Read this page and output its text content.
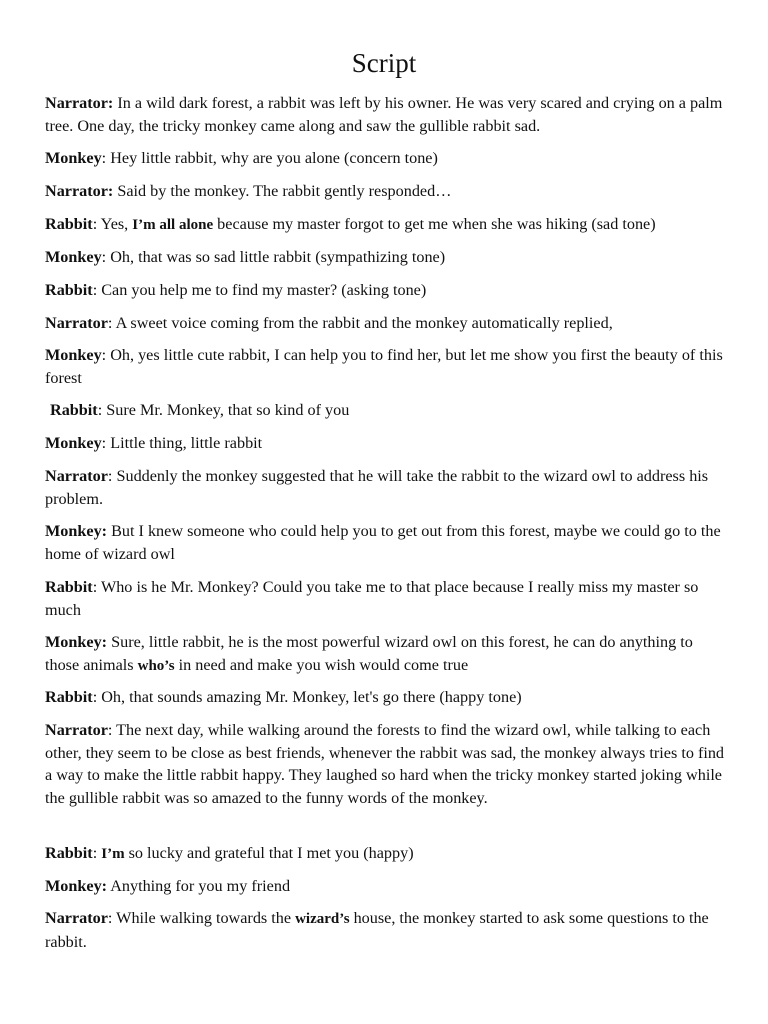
Script

Narrator: In a wild dark forest, a rabbit was left by his owner. He was very scared and crying on a palm tree. One day, the tricky monkey came along and saw the gullible rabbit sad.

Monkey: Hey little rabbit, why are you alone (concern tone)

Narrator: Said by the monkey. The rabbit gently responded…

Rabbit: Yes, I’m all alone because my master forgot to get me when she was hiking (sad tone)

Monkey: Oh, that was so sad little rabbit (sympathizing tone)

Rabbit: Can you help me to find my master? (asking tone)

Narrator: A sweet voice coming from the rabbit and the monkey automatically replied,

Monkey: Oh, yes little cute rabbit, I can help you to find her, but let me show you first the beauty of this forest

Rabbit: Sure Mr. Monkey, that so kind of you

Monkey: Little thing, little rabbit

Narrator: Suddenly the monkey suggested that he will take the rabbit to the wizard owl to address his problem.

Monkey: But I knew someone who could help you to get out from this forest, maybe we could go to the home of wizard owl

Rabbit: Who is he Mr. Monkey? Could you take me to that place because I really miss my master so much

Monkey: Sure, little rabbit, he is the most powerful wizard owl on this forest, he can do anything to those animals who’s in need and make you wish would come true

Rabbit: Oh, that sounds amazing Mr. Monkey, let's go there (happy tone)

Narrator: The next day, while walking around the forests to find the wizard owl, while talking to each other, they seem to be close as best friends, whenever the rabbit was sad, the monkey always tries to find a way to make the little rabbit happy. They laughed so hard when the tricky monkey started joking while the gullible rabbit was so amazed to the funny words of the monkey.

Rabbit: I’m so lucky and grateful that I met you (happy)

Monkey: Anything for you my friend

Narrator: While walking towards the wizard’s house, the monkey started to ask some questions to the rabbit.
